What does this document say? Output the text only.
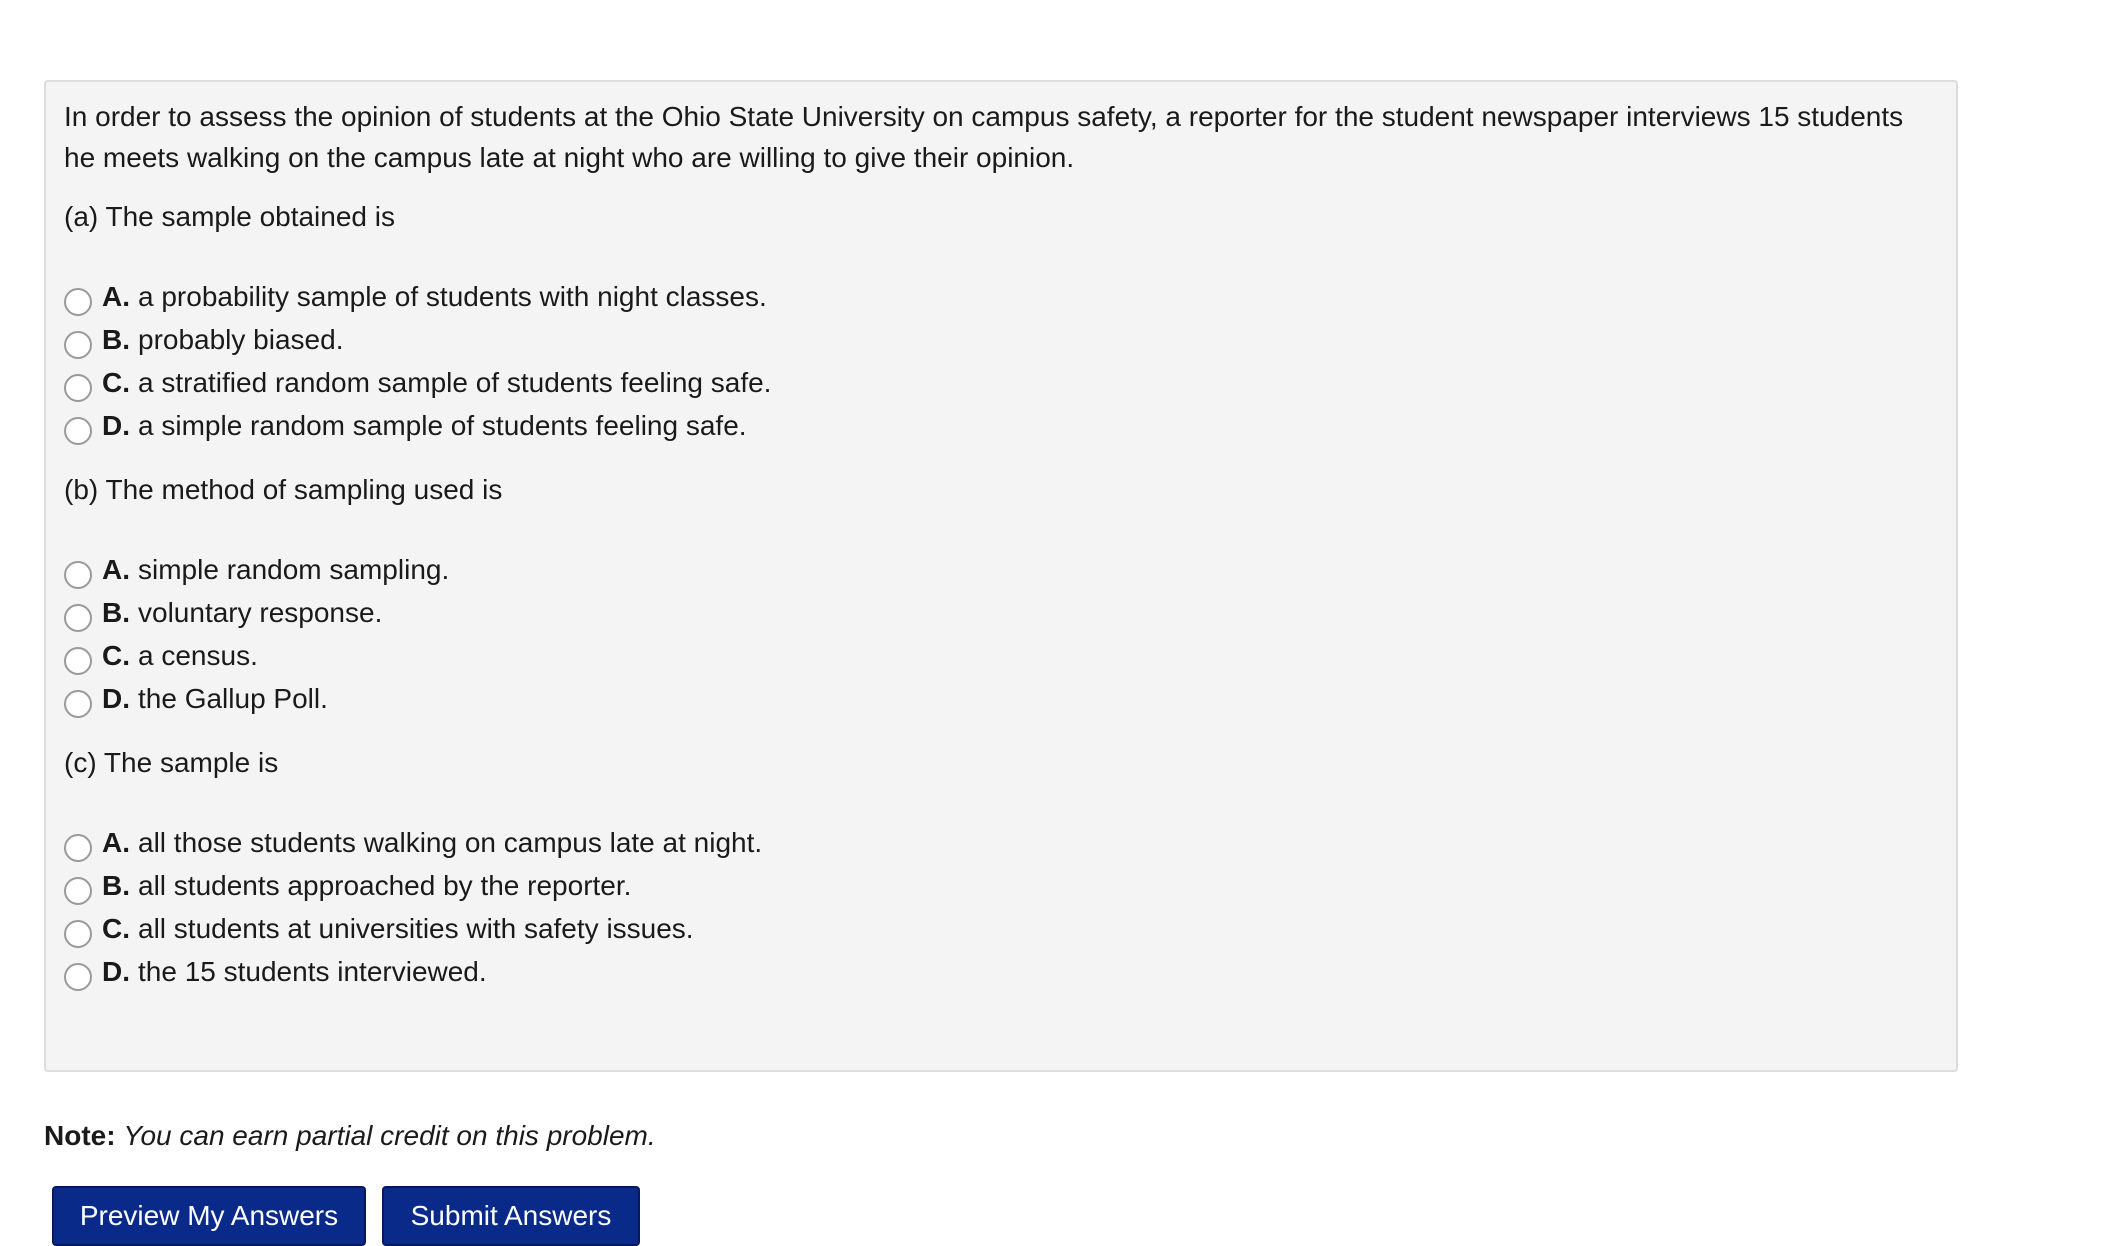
In order to assess the opinion of students at the Ohio State University on campus safety, a reporter for the student newspaper interviews 15 students he meets walking on the campus late at night who are willing to give their opinion.

(a) The sample obtained is

A. a probability sample of students with night classes.
B. probably biased.
C. a stratified random sample of students feeling safe.
D. a simple random sample of students feeling safe.

(b) The method of sampling used is

A. simple random sampling.
B. voluntary response.
C. a census.
D. the Gallup Poll.

(c) The sample is

A. all those students walking on campus late at night.
B. all students approached by the reporter.
C. all students at universities with safety issues.
D. the 15 students interviewed.
Note: You can earn partial credit on this problem.
Preview My Answers	Submit Answers
